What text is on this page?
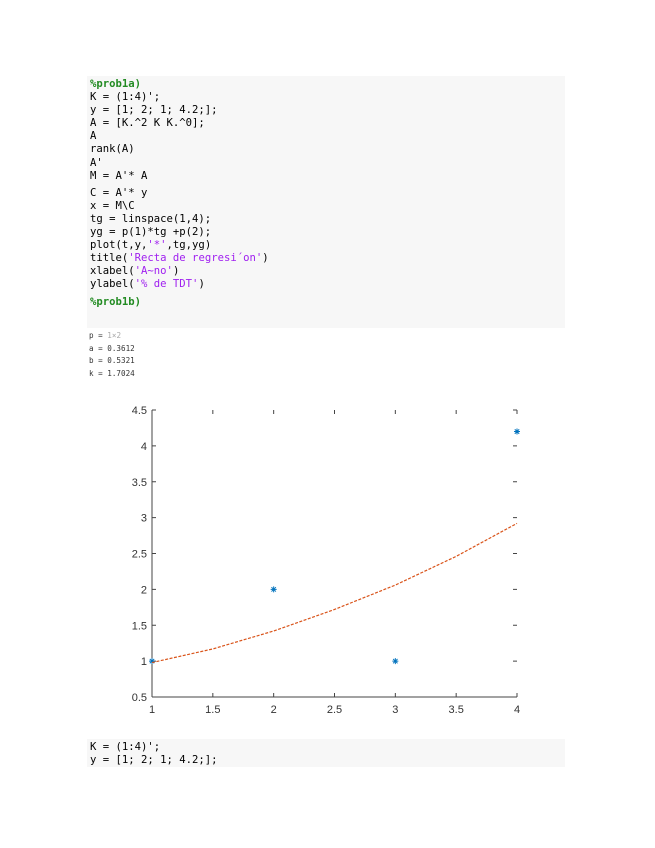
%prob1a)
K = (1:4)';
y = [1; 2; 1; 4.2;];
A = [K.^2 K K.^0];
A
rank(A)
A'
M = A'* A
C = A'* y
x = M\C
tg = linspace(1,4);
yg = p(1)*tg +p(2);
plot(t,y,'*',tg,yg)
title('Recta de regresi´on')
xlabel('A~no')
ylabel('% de TDT')
%prob1b)
p = 1×2
a = 0.3612
b = 0.5321
k = 1.7024
1	1.5	2	2.5	3	3.5	4
0.5
1
1.5
2
2.5
3
3.5
4
4.5
K = (1:4)';
y = [1; 2; 1; 4.2;];
